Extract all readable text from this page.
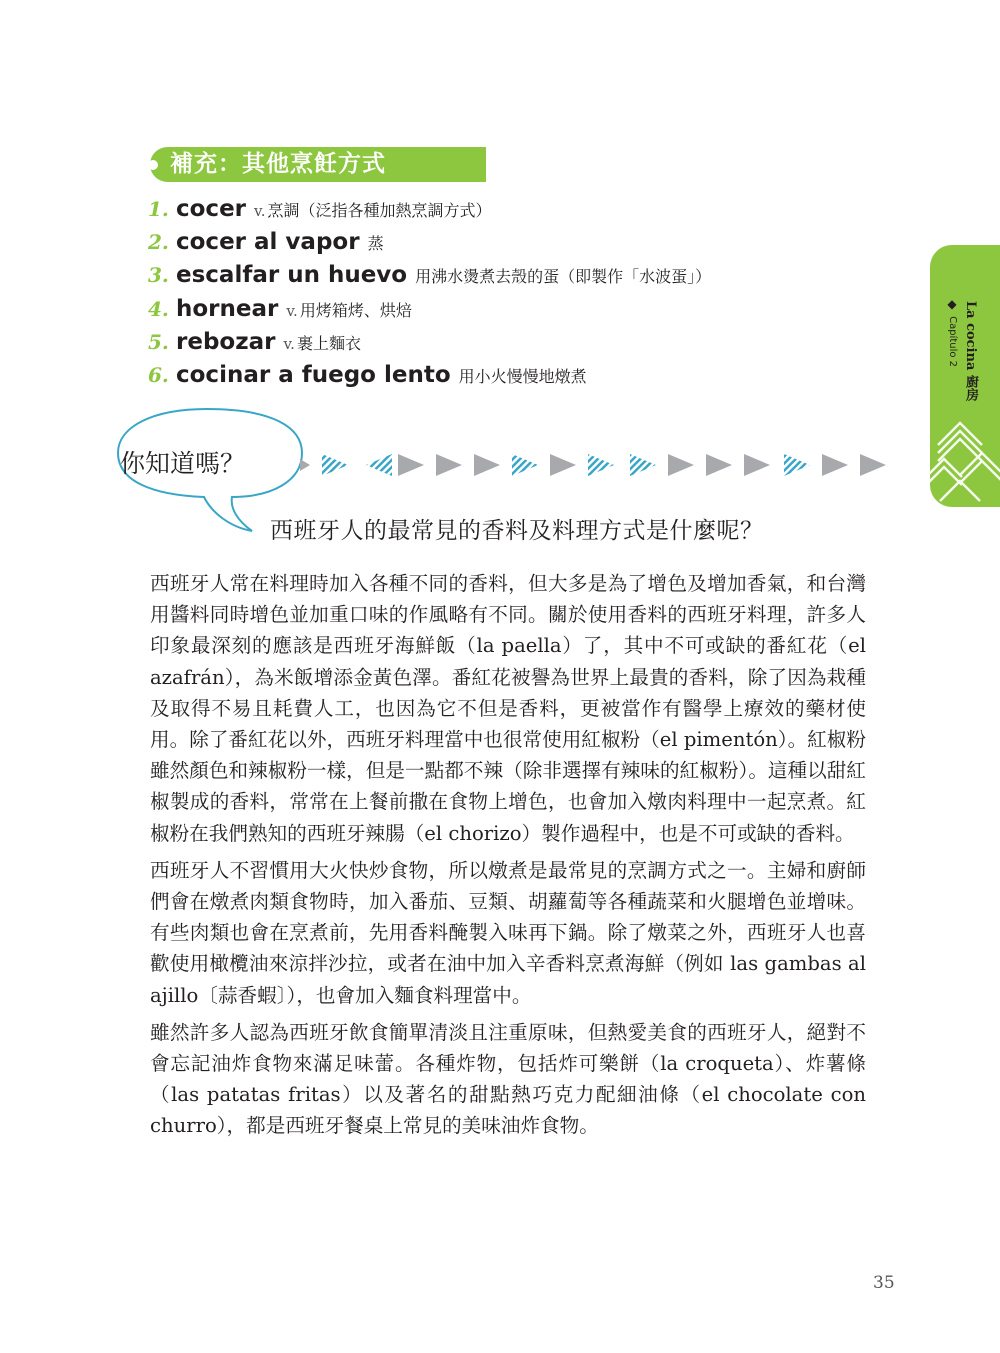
補充：其他烹飪方式
1. cocer v. 烹調（泛指各種加熱烹調方式）
2. cocer al vapor 蒸
3. escalfar un huevo 用沸水燙煮去殼的蛋（即製作「水波蛋」）
4. hornear v. 用烤箱烤、烘焙
5. rebozar v. 裹上麵衣
6. cocinar a fuego lento 用小火慢慢地燉煮
◆ Capítulo 2 La cocina 廚房
你知道嗎？
西班牙人的最常見的香料及料理方式是什麼呢？

西班牙人常在料理時加入各種不同的香料，但大多是為了增色及增加香氣，和台灣用醬料同時增色並加重口味的作風略有不同。關於使用香料的西班牙料理，許多人印象最深刻的應該是西班牙海鮮飯（la paella）了，其中不可或缺的番紅花（el azafrán），為米飯增添金黃色澤。番紅花被譽為世界上最貴的香料，除了因為栽種及取得不易且耗費人工，也因為它不但是香料，更被當作有醫學上療效的藥材使用。除了番紅花以外，西班牙料理當中也很常使用紅椒粉（el pimentón）。紅椒粉雖然顏色和辣椒粉一樣，但是一點都不辣（除非選擇有辣味的紅椒粉）。這種以甜紅椒製成的香料，常常在上餐前撒在食物上增色，也會加入燉肉料理中一起烹煮。紅椒粉在我們熟知的西班牙辣腸（el chorizo）製作過程中，也是不可或缺的香料。

西班牙人不習慣用大火快炒食物，所以燉煮是最常見的烹調方式之一。主婦和廚師們會在燉煮肉類食物時，加入番茄、豆類、胡蘿蔔等各種蔬菜和火腿增色並增味。有些肉類也會在烹煮前，先用香料醃製入味再下鍋。除了燉菜之外，西班牙人也喜歡使用橄欖油來涼拌沙拉，或者在油中加入辛香料烹煮海鮮（例如 las gambas al ajillo〔蒜香蝦〕），也會加入麵食料理當中。

雖然許多人認為西班牙飲食簡單清淡且注重原味，但熱愛美食的西班牙人，絕對不會忘記油炸食物來滿足味蕾。各種炸物，包括炸可樂餅（la croqueta）、炸薯條（las patatas fritas）以及著名的甜點熱巧克力配細油條（el chocolate con churro），都是西班牙餐桌上常見的美味油炸食物。

35
